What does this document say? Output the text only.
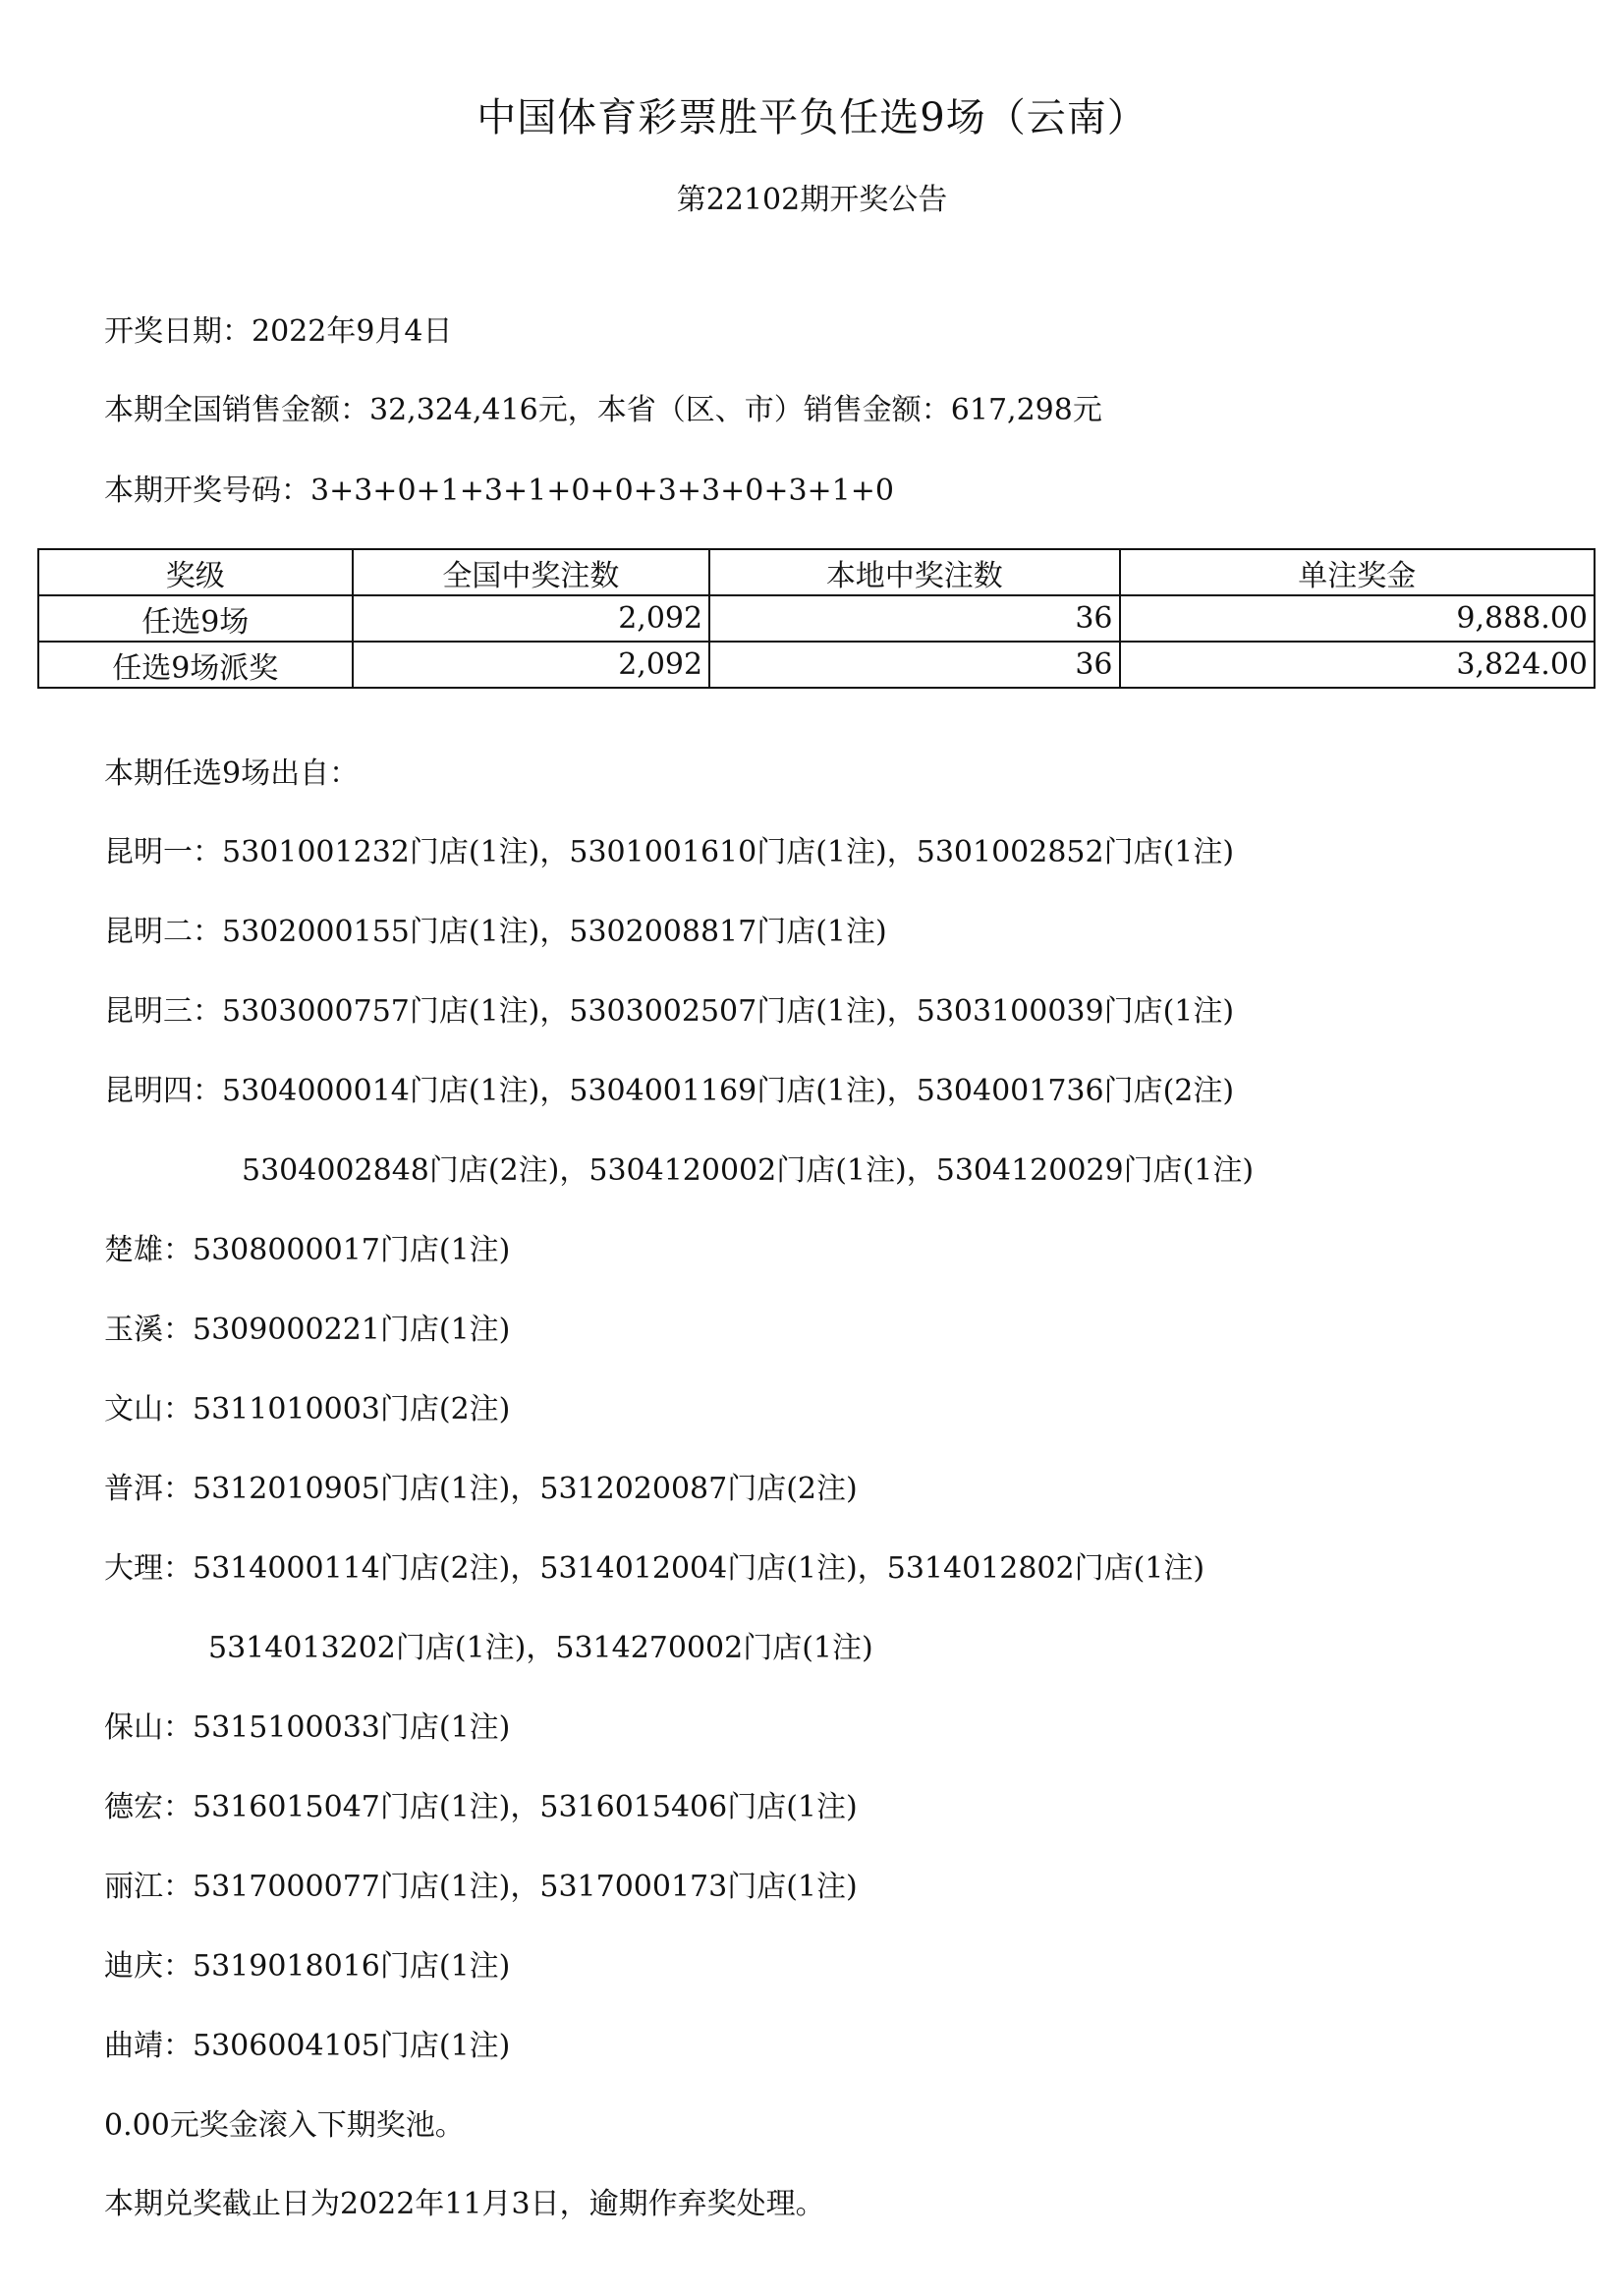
中国体育彩票胜平负任选9场（云南）
第22102期开奖公告
开奖日期：2022年9月4日
本期全国销售金额：32,324,416元，本省（区、市）销售金额：617,298元
本期开奖号码：3+3+0+1+3+1+0+0+3+3+0+3+1+0
奖级	全国中奖注数	本地中奖注数	单注奖金
任选9场	2,092	36	9,888.00
任选9场派奖	2,092	36	3,824.00
本期任选9场出自：
昆明一： 5301001232门店(1注)，5301001610门店(1注)，5301002852门店(1注)
昆明二： 5302000155门店(1注)，5302008817门店(1注)
昆明三： 5303000757门店(1注)，5303002507门店(1注)，5303100039门店(1注)
昆明四： 5304000014门店(1注)，5304001169门店(1注)，5304001736门店(2注)
5304002848门店(2注)，5304120002门店(1注)，5304120029门店(1注)
楚雄： 5308000017门店(1注)
玉溪： 5309000221门店(1注)
文山： 5311010003门店(2注)
普洱： 5312010905门店(1注)，5312020087门店(2注)
大理： 5314000114门店(2注)，5314012004门店(1注)，5314012802门店(1注)
5314013202门店(1注)，5314270002门店(1注)
保山： 5315100033门店(1注)
德宏： 5316015047门店(1注)，5316015406门店(1注)
丽江： 5317000077门店(1注)，5317000173门店(1注)
迪庆： 5319018016门店(1注)
曲靖： 5306004105门店(1注)
0.00元奖金滚入下期奖池。
本期兑奖截止日为2022年11月3日，逾期作弃奖处理。
